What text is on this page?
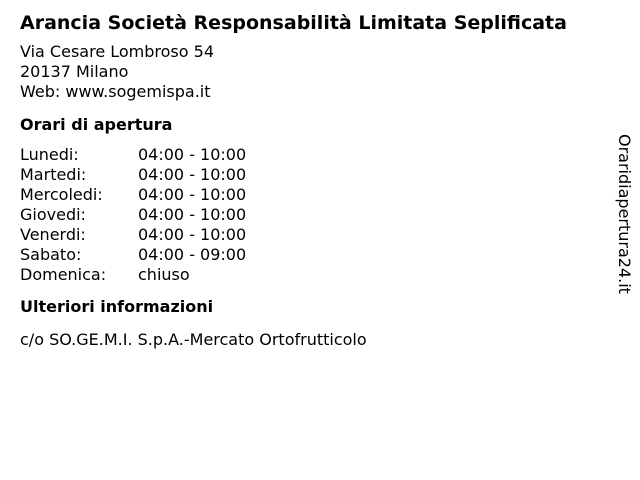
Arancia Società Responsabilità Limitata Seplificata
Via Cesare Lombroso 54
20137 Milano
Web: www.sogemispa.it
Orari di apertura
Lunedi:	04:00 - 10:00
Martedi:	04:00 - 10:00
Mercoledi:	04:00 - 10:00
Giovedi:	04:00 - 10:00
Venerdi:	04:00 - 10:00
Sabato:	04:00 - 09:00
Domenica:	chiuso
Ulteriori informazioni
c/o SO.GE.M.I. S.p.A.-Mercato Ortofrutticolo
Oraridiapertura24.it
